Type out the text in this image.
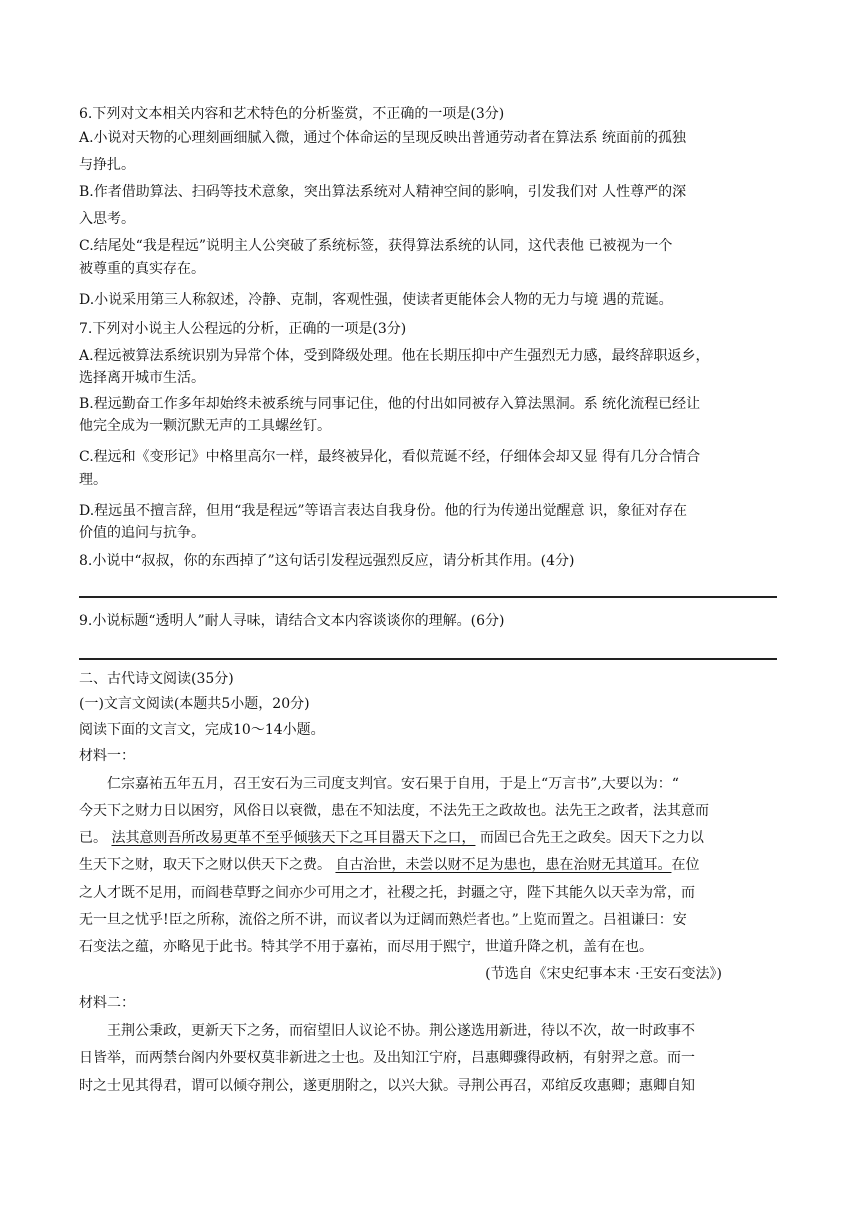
6.下列对文本相关内容和艺术特色的分析鉴赏，不正确的一项是(3分)
A.小说对天物的心理刻画细腻入微，通过个体命运的呈现反映出普通劳动者在算法系 统面前的孤独
与挣扎。
B.作者借助算法、扫码等技术意象，突出算法系统对人精神空间的影响，引发我们对 人性尊严的深
入思考。
C.结尾处“我是程远”说明主人公突破了系统标签，获得算法系统的认同，这代表他 已被视为一个
被尊重的真实存在。
D.小说采用第三人称叙述，冷静、克制，客观性强，使读者更能体会人物的无力与境 遇的荒诞。
7.下列对小说主人公程远的分析，正确的一项是(3分)
A.程远被算法系统识别为异常个体，受到降级处理。他在长期压抑中产生强烈无力感，最终辞职返乡，
选择离开城市生活。
B.程远勤奋工作多年却始终未被系统与同事记住，他的付出如同被存入算法黑洞。系 统化流程已经让
他完全成为一颗沉默无声的工具螺丝钉。
C.程远和《变形记》中格里高尔一样，最终被异化，看似荒诞不经，仔细体会却又显 得有几分合情合
理。
D.程远虽不擅言辞，但用“我是程远”等语言表达自我身份。他的行为传递出觉醒意 识，象征对存在
价值的追问与抗争。
8.小说中“叔叔，你的东西掉了”这句话引发程远强烈反应，请分析其作用。(4分)
9.小说标题“透明人”耐人寻味，请结合文本内容谈谈你的理解。(6分)
二、古代诗文阅读(35分)
(一)文言文阅读(本题共5小题，20分)
阅读下面的文言文，完成10～14小题。
材料一：
仁宗嘉祐五年五月，召王安石为三司度支判官。安石果于自用，于是上“万言书”,大要以为：“
今天下之财力日以困穷，风俗日以衰微，患在不知法度，不法先王之政故也。法先王之政者，法其意而
已。 法其意则吾所改易更革不至乎倾骇天下之耳目嚣天下之口， 而固已合先王之政矣。因天下之力以
生天下之财，取天下之财以供天下之费。 自古治世，未尝以财不足为患也，患在治财无其道耳。在位
之人才既不足用，而阎巷草野之间亦少可用之才，社稷之托，封疆之守，陛下其能久以天幸为常，而
无一旦之忧乎!臣之所称，流俗之所不讲，而议者以为迂阔而熟烂者也。”上览而置之。吕祖谦曰：安
石变法之蕴，亦略见于此书。特其学不用于嘉祐，而尽用于熙宁，世道升降之机，盖有在也。
(节选自《宋史纪事本末 ·王安石变法》)
材料二：
王荆公秉政，更新天下之务，而宿望旧人议论不协。荆公遂选用新进，待以不次，故一时政事不
日皆举，而两禁台阁内外要权莫非新进之士也。及出知江宁府，吕惠卿骤得政柄，有射羿之意。而一
时之士见其得君，谓可以倾夺荆公，遂更朋附之，以兴大狱。寻荆公再召，邓绾反攻惠卿；惠卿自知
